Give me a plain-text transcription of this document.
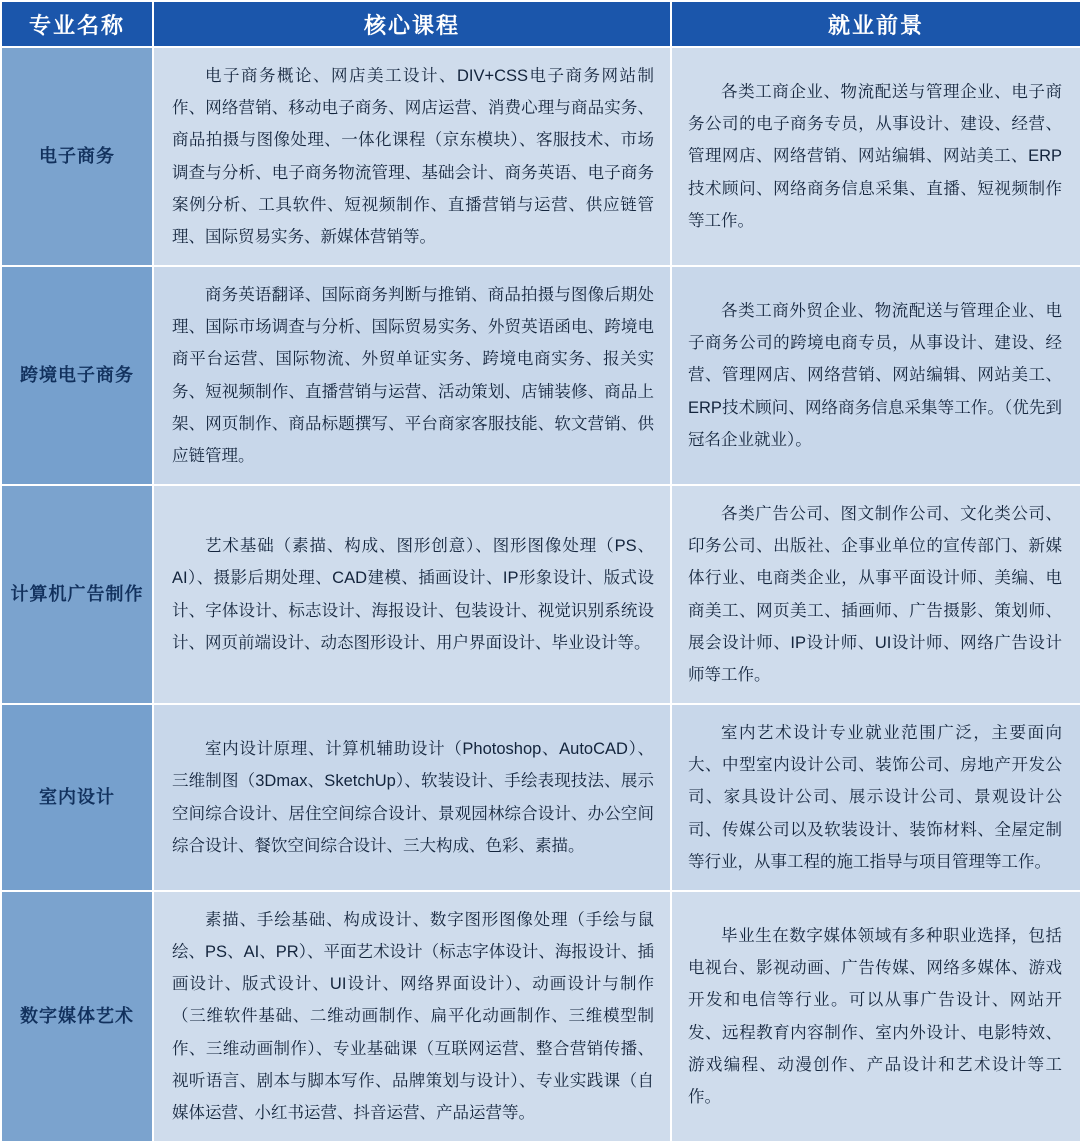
专业名称	核心课程	就业前景
电子商务	电子商务概论、网店美工设计、DIV+CSS电子商务网站制作、网络营销、移动电子商务、网店运营、消费心理与商品实务、商品拍摄与图像处理、一体化课程（京东模块）、客服技术、市场调查与分析、电子商务物流管理、基础会计、商务英语、电子商务案例分析、工具软件、短视频制作、直播营销与运营、供应链管理、国际贸易实务、新媒体营销等。	各类工商企业、物流配送与管理企业、电子商务公司的电子商务专员，从事设计、建设、经营、管理网店、网络营销、网站编辑、网站美工、ERP技术顾问、网络商务信息采集、直播、短视频制作等工作。

跨境电子商务	商务英语翻译、国际商务判断与推销、商品拍摄与图像后期处理、国际市场调查与分析、国际贸易实务、外贸英语函电、跨境电商平台运营、国际物流、外贸单证实务、跨境电商实务、报关实务、短视频制作、直播营销与运营、活动策划、店铺装修、商品上架、网页制作、商品标题撰写、平台商家客服技能、软文营销、供应链管理。	各类工商外贸企业、物流配送与管理企业、电子商务公司的跨境电商专员，从事设计、建设、经营、管理网店、网络营销、网站编辑、网站美工、ERP技术顾问、网络商务信息采集等工作。（优先到冠名企业就业）。

计算机广告制作	艺术基础（素描、构成、图形创意）、图形图像处理（PS、AI）、摄影后期处理、CAD建模、插画设计、IP形象设计、版式设计、字体设计、标志设计、海报设计、包装设计、视觉识别系统设计、网页前端设计、动态图形设计、用户界面设计、毕业设计等。	各类广告公司、图文制作公司、文化类公司、印务公司、出版社、企事业单位的宣传部门、新媒体行业、电商类企业，从事平面设计师、美编、电商美工、网页美工、插画师、广告摄影、策划师、展会设计师、IP设计师、UI设计师、网络广告设计师等工作。

室内设计	室内设计原理、计算机辅助设计（Photoshop、AutoCAD）、三维制图（3Dmax、SketchUp）、软装设计、手绘表现技法、展示空间综合设计、居住空间综合设计、景观园林综合设计、办公空间综合设计、餐饮空间综合设计、三大构成、色彩、素描。	室内艺术设计专业就业范围广泛，主要面向大、中型室内设计公司、装饰公司、房地产开发公司、家具设计公司、展示设计公司、景观设计公司、传媒公司以及软装设计、装饰材料、全屋定制等行业，从事工程的施工指导与项目管理等工作。

数字媒体艺术	素描、手绘基础、构成设计、数字图形图像处理（手绘与鼠绘、PS、AI、PR）、平面艺术设计（标志字体设计、海报设计、插画设计、版式设计、UI设计、网络界面设计）、动画设计与制作（三维软件基础、二维动画制作、扁平化动画制作、三维模型制作、三维动画制作）、专业基础课（互联网运营、整合营销传播、视听语言、剧本与脚本写作、品牌策划与设计）、专业实践课（自媒体运营、小红书运营、抖音运营、产品运营等。	毕业生在数字媒体领域有多种职业选择，包括电视台、影视动画、广告传媒、网络多媒体、游戏开发和电信等行业。可以从事广告设计、网站开发、远程教育内容制作、室内外设计、电影特效、游戏编程、动漫创作、产品设计和艺术设计等工作。
